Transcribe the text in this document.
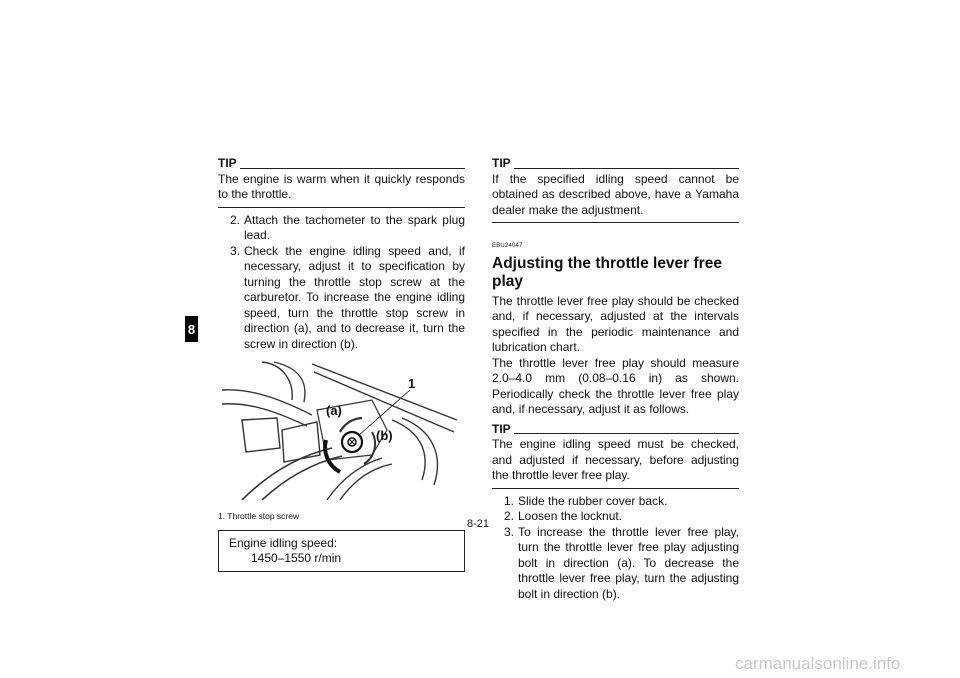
8
TIP
The engine is warm when it quickly responds to the throttle.
2. Attach the tachometer to the spark plug lead.
3. Check the engine idling speed and, if necessary, adjust it to specification by turning the throttle stop screw at the carburetor. To increase the engine idling speed, turn the throttle stop screw in direction (a), and to decrease it, turn the screw in direction (b).
1
(a)
(b)
1. Throttle stop screw
Engine idling speed:
1450–1550 r/min
TIP
If the specified idling speed cannot be obtained as described above, have a Yamaha dealer make the adjustment.
EBU24047
Adjusting the throttle lever free play

The throttle lever free play should be checked and, if necessary, adjusted at the intervals specified in the periodic maintenance and lubrication chart.

The throttle lever free play should measure 2.0–4.0 mm (0.08–0.16 in) as shown. Periodically check the throttle lever free play and, if necessary, adjust it as follows.

TIP
The engine idling speed must be checked, and adjusted if necessary, before adjusting the throttle lever free play.
1. Slide the rubber cover back.
2. Loosen the locknut.
3. To increase the throttle lever free play, turn the throttle lever free play adjusting bolt in direction (a). To decrease the throttle lever free play, turn the adjusting bolt in direction (b).
8-21
carmanualsonline.info
